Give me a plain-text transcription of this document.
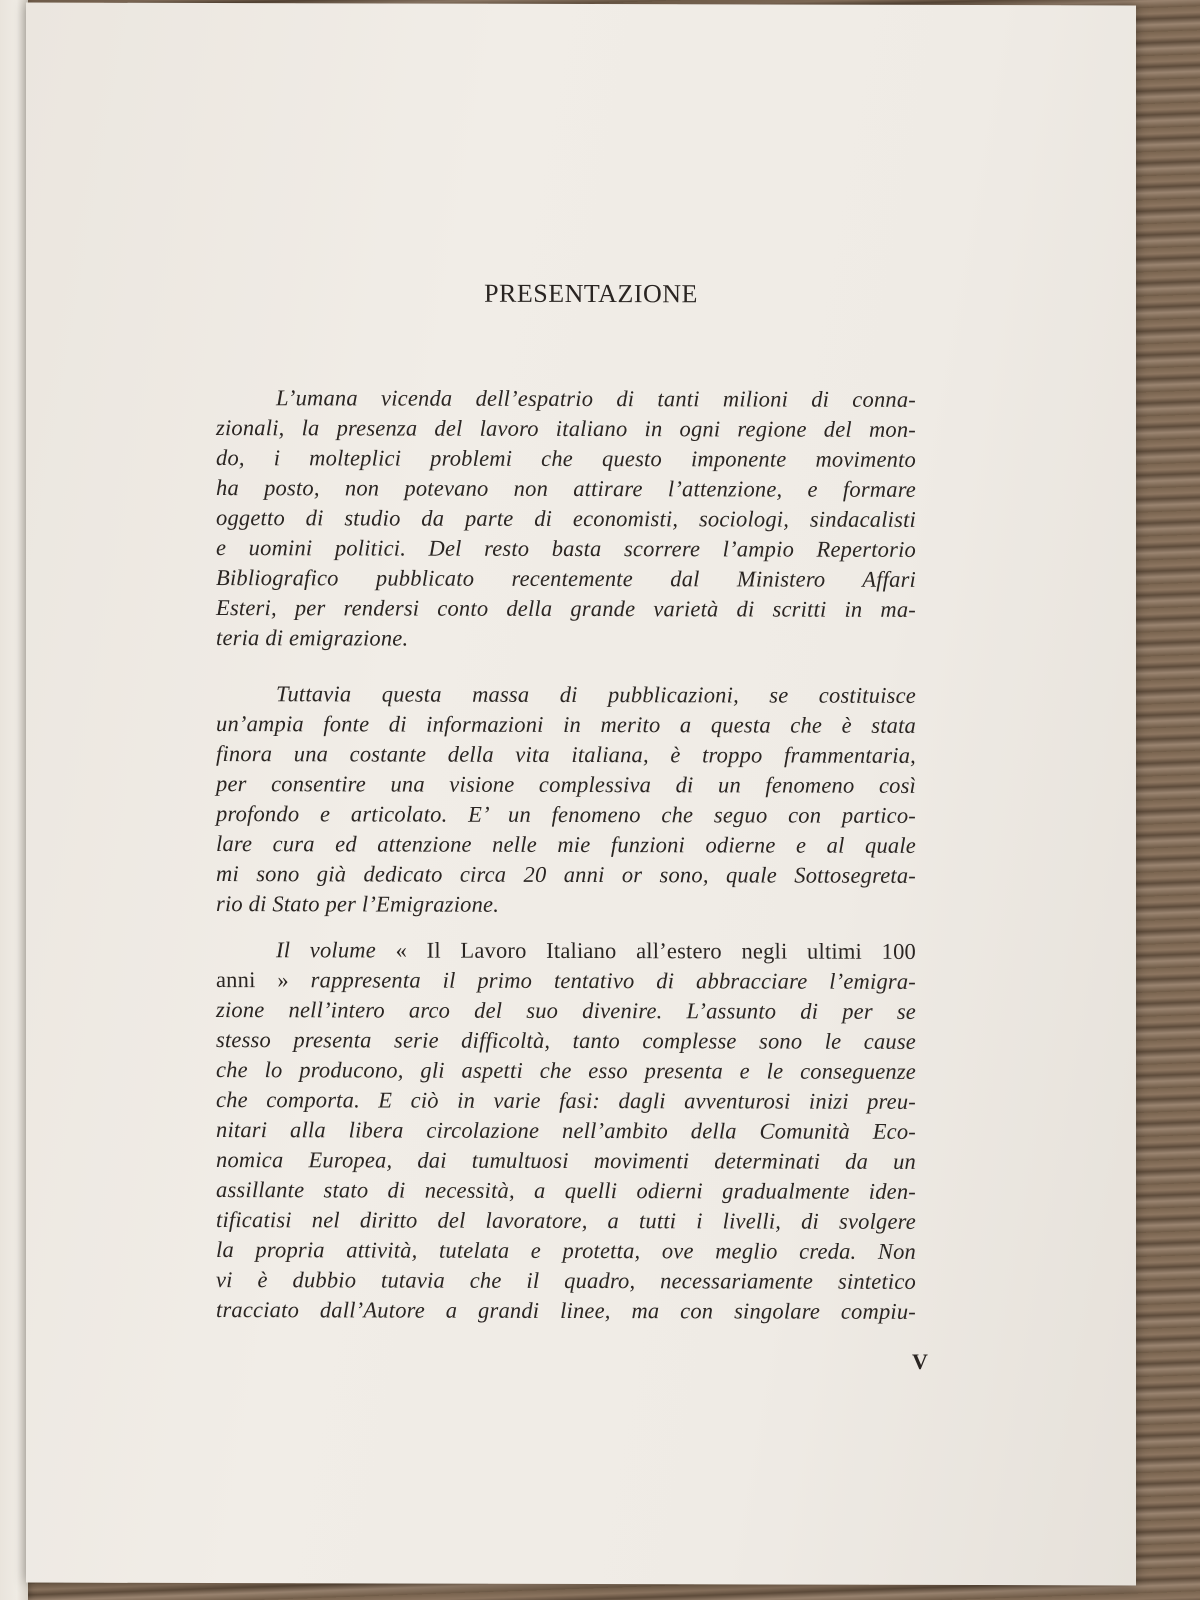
PRESENTAZIONE
L’umana vicenda dell’espatrio di tanti milioni di conna-
zionali, la presenza del lavoro italiano in ogni regione del mon-
do, i molteplici problemi che questo imponente movimento
ha posto, non potevano non attirare l’attenzione, e formare
oggetto di studio da parte di economisti, sociologi, sindacalisti
e uomini politici. Del resto basta scorrere l’ampio Repertorio
Bibliografico pubblicato recentemente dal Ministero Affari
Esteri, per rendersi conto della grande varietà di scritti in ma-
teria di emigrazione.
Tuttavia questa massa di pubblicazioni, se costituisce
un’ampia fonte di informazioni in merito a questa che è stata
finora una costante della vita italiana, è troppo frammentaria,
per consentire una visione complessiva di un fenomeno così
profondo e articolato. E’ un fenomeno che seguo con partico-
lare cura ed attenzione nelle mie funzioni odierne e al quale
mi sono già dedicato circa 20 anni or sono, quale Sottosegreta-
rio di Stato per l’Emigrazione.
Il volume « Il Lavoro Italiano all’estero negli ultimi 100
anni » rappresenta il primo tentativo di abbracciare l’emigra-
zione nell’intero arco del suo divenire. L’assunto di per se
stesso presenta serie difficoltà, tanto complesse sono le cause
che lo producono, gli aspetti che esso presenta e le conseguenze
che comporta. E ciò in varie fasi: dagli avventurosi inizi preu-
nitari alla libera circolazione nell’ambito della Comunità Eco-
nomica Europea, dai tumultuosi movimenti determinati da un
assillante stato di necessità, a quelli odierni gradualmente iden-
tificatisi nel diritto del lavoratore, a tutti i livelli, di svolgere
la propria attività, tutelata e protetta, ove meglio creda. Non
vi è dubbio tutavia che il quadro, necessariamente sintetico
tracciato dall’Autore a grandi linee, ma con singolare compiu-
V
